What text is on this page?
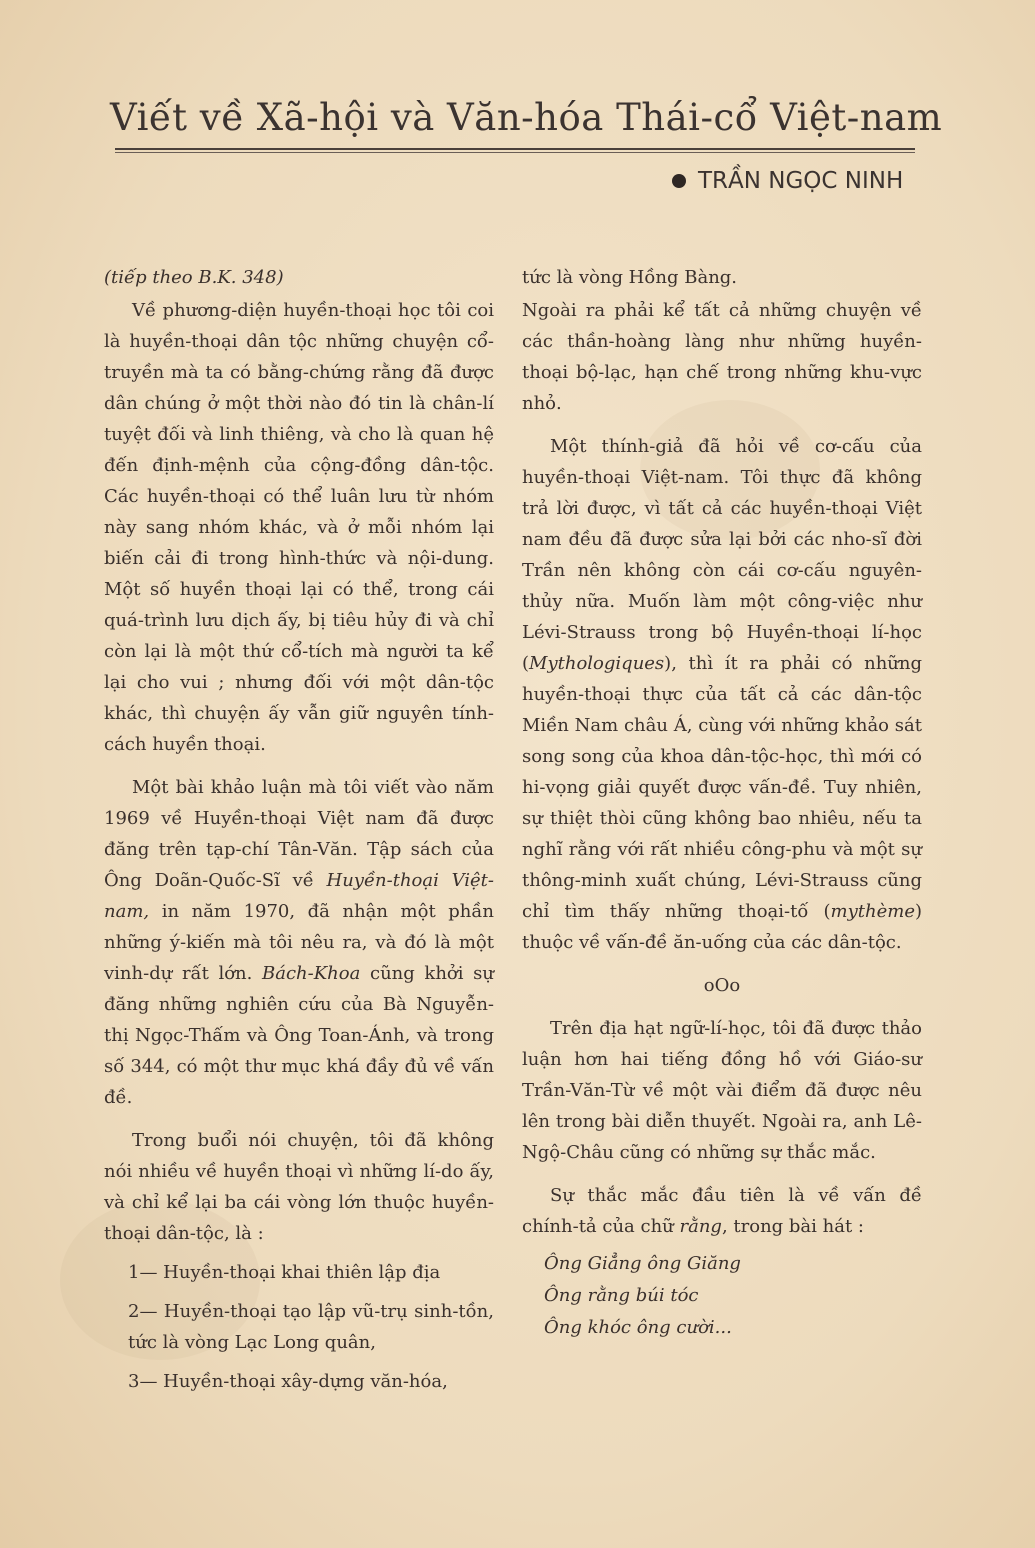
Viết về Xã-hội và Văn-hóa Thái-cổ Việt-nam
TRẦN NGỌC NINH

(tiếp theo B.K. 348)

Về phương-diện huyền-thoại học tôi coi là huyền-thoại dân tộc những chuyện cổ-truyền mà ta có bằng-chứng rằng đã được dân chúng ở một thời nào đó tin là chân-lí tuyệt đối và linh thiêng, và cho là quan hệ đến định-mệnh của cộng-đồng dân-tộc. Các huyền-thoại có thể luân lưu từ nhóm này sang nhóm khác, và ở mỗi nhóm lại biến cải đi trong hình-thức và nội-dung. Một số huyền thoại lại có thể, trong cái quá-trình lưu dịch ấy, bị tiêu hủy đi và chỉ còn lại là một thứ cổ-tích mà người ta kể lại cho vui ; nhưng đối với một dân-tộc khác, thì chuyện ấy vẫn giữ nguyên tính-cách huyền thoại.

Một bài khảo luận mà tôi viết vào năm 1969 về Huyền-thoại Việt nam đã được đăng trên tạp-chí Tân-Văn. Tập sách của Ông Doãn-Quốc-Sĩ về Huyền-thoại Việt-nam, in năm 1970, đã nhận một phần những ý-kiến mà tôi nêu ra, và đó là một vinh-dự rất lớn. Bách-Khoa cũng khởi sự đăng những nghiên cứu của Bà Nguyễn-thị Ngọc-Thấm và Ông Toan-Ánh, và trong số 344, có một thư mục khá đầy đủ về vấn đề.

Trong buổi nói chuyện, tôi đã không nói nhiều về huyền thoại vì những lí-do ấy, và chỉ kể lại ba cái vòng lớn thuộc huyền-thoại dân-tộc, là :

1— Huyền-thoại khai thiên lập địa

2— Huyền-thoại tạo lập vũ-trụ sinh-tồn, tức là vòng Lạc Long quân,

3— Huyền-thoại xây-dựng văn-hóa,

tức là vòng Hồng Bàng.

Ngoài ra phải kể tất cả những chuyện về các thần-hoàng làng như những huyền-thoại bộ-lạc, hạn chế trong những khu-vực nhỏ.

Một thính-giả đã hỏi về cơ-cấu của huyền-thoại Việt-nam. Tôi thực đã không trả lời được, vì tất cả các huyền-thoại Việt nam đều đã được sửa lại bởi các nho-sĩ đời Trần nên không còn cái cơ-cấu nguyên-thủy nữa. Muốn làm một công-việc như Lévi-Strauss trong bộ Huyền-thoại lí-học (Mythologiques), thì ít ra phải có những huyền-thoại thực của tất cả các dân-tộc Miền Nam châu Á, cùng với những khảo sát song song của khoa dân-tộc-học, thì mới có hi-vọng giải quyết được vấn-đề. Tuy nhiên, sự thiệt thòi cũng không bao nhiêu, nếu ta nghĩ rằng với rất nhiều công-phu và một sự thông-minh xuất chúng, Lévi-Strauss cũng chỉ tìm thấy những thoại-tố (mythème) thuộc về vấn-đề ăn-uống của các dân-tộc.

oOo

Trên địa hạt ngữ-lí-học, tôi đã được thảo luận hơn hai tiếng đồng hồ với Giáo-sư Trần-Văn-Từ về một vài điểm đã được nêu lên trong bài diễn thuyết. Ngoài ra, anh Lê-Ngộ-Châu cũng có những sự thắc mắc.

Sự thắc mắc đầu tiên là về vấn đề chính-tả của chữ rằng, trong bài hát :

Ông Giẳng ông Giăng

Ông rằng búi tóc

Ông khóc ông cười...
